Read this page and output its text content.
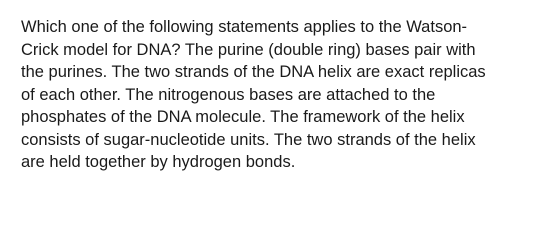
Which one of the following statements applies to the Watson-
Crick model for DNA? The purine (double ring) bases pair with
the purines. The two strands of the DNA helix are exact replicas
of each other. The nitrogenous bases are attached to the
phosphates of the DNA molecule. The framework of the helix
consists of sugar-nucleotide units. The two strands of the helix
are held together by hydrogen bonds.
